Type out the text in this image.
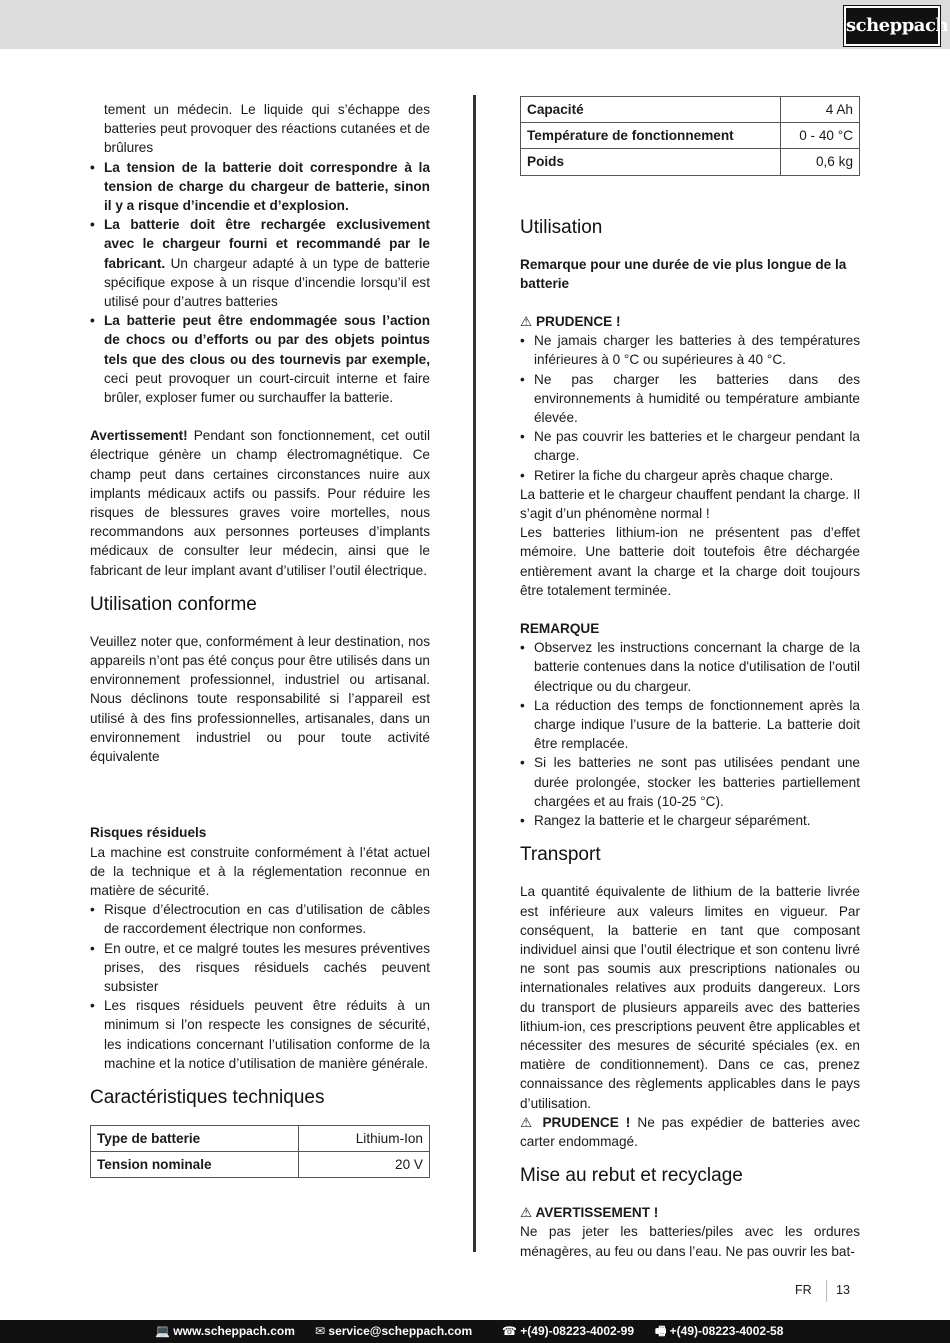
scheppach

tement un médecin. Le liquide qui s’échappe des batteries peut provoquer des réactions cutanées et de brûlures

• La tension de la batterie doit correspondre à la tension de charge du chargeur de batterie, sinon il y a risque d’incendie et d’explosion.
• La batterie doit être rechargée exclusivement avec le chargeur fourni et recommandé par le fabricant. Un chargeur adapté à un type de batterie spécifique expose à un risque d’incendie lorsqu’il est utilisé pour d’autres batteries
• La batterie peut être endommagée sous l’action de chocs ou d’efforts ou par des objets pointus tels que des clous ou des tournevis par exemple, ceci peut provoquer un court-circuit interne et faire brûler, exploser fumer ou surchauffer la batterie.

Avertissement! Pendant son fonctionnement, cet outil électrique génère un champ électromagnétique. Ce champ peut dans certaines circonstances nuire aux implants médicaux actifs ou passifs. Pour réduire les risques de blessures graves voire mortelles, nous recommandons aux personnes porteuses d’implants médicaux de consulter leur médecin, ainsi que le fabricant de leur implant avant d’utiliser l’outil électrique.

Utilisation conforme

Veuillez noter que, conformément à leur destination, nos appareils n’ont pas été conçus pour être utilisés dans un environnement professionnel, industriel ou artisanal. Nous déclinons toute responsabilité si l’appareil est utilisé à des fins professionnelles, artisanales, dans un environnement industriel ou pour toute activité équivalente

Risques résiduels

La machine est construite conformément à l’état actuel de la technique et à la réglementation reconnue en matière de sécurité.

• Risque d’électrocution en cas d’utilisation de câbles de raccordement électrique non conformes.
• En outre, et ce malgré toutes les mesures préventives prises, des risques résiduels cachés peuvent subsister
• Les risques résiduels peuvent être réduits à un minimum si l’on respecte les consignes de sécurité, les indications concernant l’utilisation conforme de la machine et la notice d’utilisation de manière générale.
Caractéristiques techniques
Type de batterie	Lithium-Ion
Tension nominale	20 V
Capacité	4 Ah
Température de fonctionnement	0 - 40 °C
Poids	0,6 kg
Utilisation

Remarque pour une durée de vie plus longue de la batterie

⚠ PRUDENCE !

• Ne jamais charger les batteries à des températures inférieures à 0 °C ou supérieures à 40 °C.
• Ne pas charger les batteries dans des environnements à humidité ou température ambiante élevée.
• Ne pas couvrir les batteries et le chargeur pendant la charge.
• Retirer la fiche du chargeur après chaque charge.

La batterie et le chargeur chauffent pendant la charge. Il s’agit d’un phénomène normal !

Les batteries lithium-ion ne présentent pas d’effet mémoire. Une batterie doit toutefois être déchargée entièrement avant la charge et la charge doit toujours être totalement terminée.

REMARQUE

• Observez les instructions concernant la charge de la batterie contenues dans la notice d'utilisation de l’outil électrique ou du chargeur.
• La réduction des temps de fonctionnement après la charge indique l’usure de la batterie. La batterie doit être remplacée.
• Si les batteries ne sont pas utilisées pendant une durée prolongée, stocker les batteries partiellement chargées et au frais (10-25 °C).
• Rangez la batterie et le chargeur séparément.
Transport

La quantité équivalente de lithium de la batterie livrée est inférieure aux valeurs limites en vigueur. Par conséquent, la batterie en tant que composant individuel ainsi que l’outil électrique et son contenu livré ne sont pas soumis aux prescriptions nationales ou internationales relatives aux produits dangereux. Lors du transport de plusieurs appareils avec des batteries lithium-ion, ces prescriptions peuvent être applicables et nécessiter des mesures de sécurité spéciales (ex. en matière de conditionnement). Dans ce cas, prenez connaissance des règlements applicables dans le pays d’utilisation.

⚠ PRUDENCE ! Ne pas expédier de batteries avec carter endommagé.

Mise au rebut et recyclage

⚠ AVERTISSEMENT !

Ne pas jeter les batteries/piles avec les ordures ménagères, au feu ou dans l’eau. Ne pas ouvrir les bat-

FR 13
💻 www.scheppach.com ✉ service@scheppach.com ☎ +(49)-08223-4002-99 🖷 +(49)-08223-4002-58
